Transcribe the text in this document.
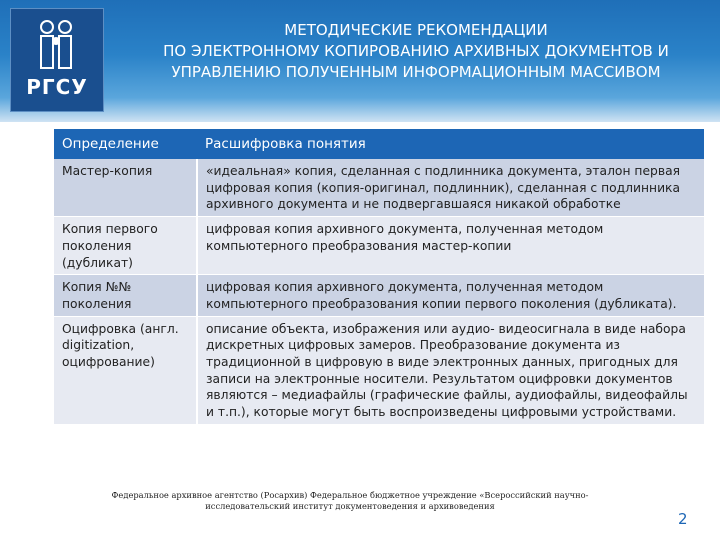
РГСУ
МЕТОДИЧЕСКИЕ РЕКОМЕНДАЦИИ
ПО ЭЛЕКТРОННОМУ КОПИРОВАНИЮ АРХИВНЫХ ДОКУМЕНТОВ И
УПРАВЛЕНИЮ ПОЛУЧЕННЫМ ИНФОРМАЦИОННЫМ МАССИВОМ
Определение	Расшифровка понятия
Мастер-копия	«идеальная» копия, сделанная с подлинника документа, эталон первая цифровая копия (копия-оригинал, подлинник), сделанная с подлинника архивного документа и не подвергавшаяся никакой обработке
Копия первого поколения (дубликат)	цифровая копия архивного документа, полученная методом компьютерного преобразования мастер-копии
Копия №№ поколения	цифровая копия архивного документа, полученная методом компьютерного преобразования копии первого поколения (дубликата).
Оцифровка (англ. digitization, оцифрование)	описание объекта, изображения или аудио- видеосигнала в виде набора дискретных цифровых замеров. Преобразование документа из традиционной в цифровую в виде электронных данных, пригодных для записи на электронные носители. Результатом оцифровки документов являются – медиафайлы (графические файлы, аудиофайлы, видеофайлы и т.п.), которые могут быть воспроизведены цифровыми устройствами.
Федеральное архивное агентство (Росархив) Федеральное бюджетное учреждение «Всероссийский научно-
исследовательский институт документоведения и архивоведения
2
